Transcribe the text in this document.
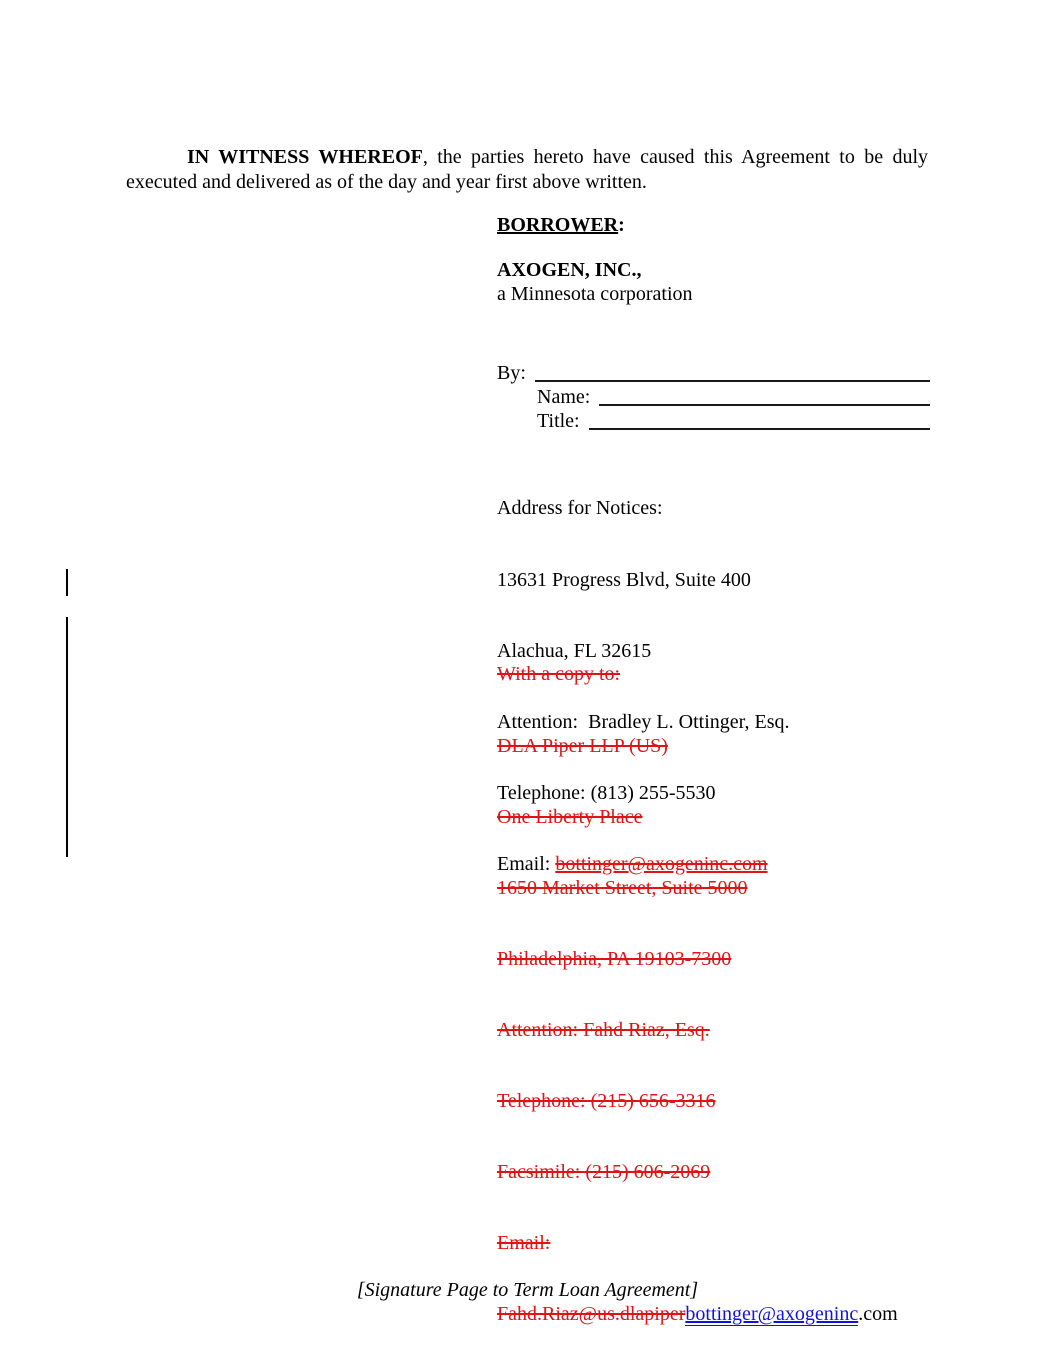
IN WITNESS WHEREOF, the parties hereto have caused this Agreement to be duly executed and delivered as of the day and year first above written.

BORROWER:
AXOGEN, INC.,
a Minnesota corporation
By:
Name:
Title:

Address for Notices:

13631 Progress Blvd, Suite 400

Alachua, FL 32615

Attention:  Bradley L. Ottinger, Esq.

Telephone: (813) 255-5530

Email: bottinger@axogeninc.com

With a copy to:

DLA Piper LLP (US)

One Liberty Place

1650 Market Street, Suite 5000

Philadelphia, PA 19103-7300

Attention: Fahd Riaz, Esq.

Telephone: (215) 656-3316

Facsimile: (215) 606-2069

Email:

Fahd.Riaz@us.dlapiperbottinger@axogeninc.com

[Signature Page to Term Loan Agreement]
